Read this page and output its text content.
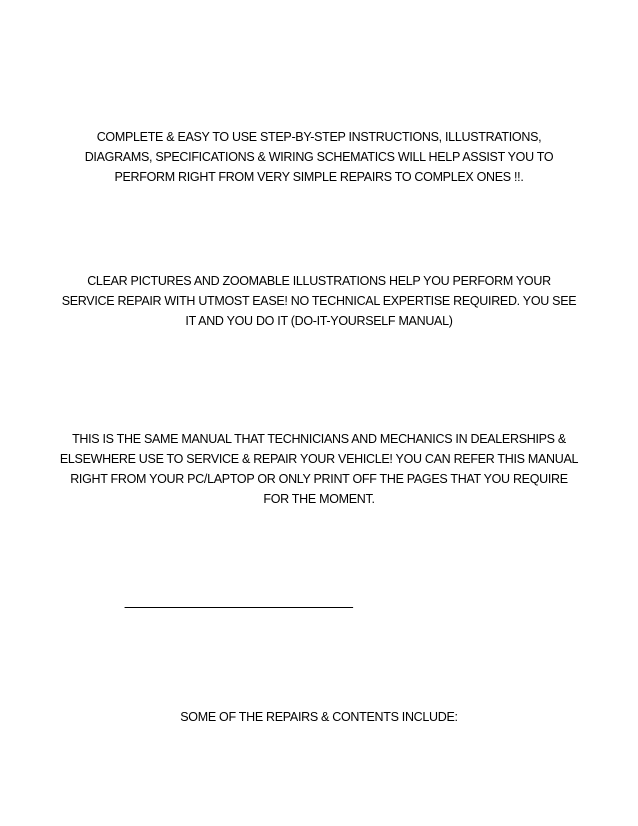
COMPLETE & EASY TO USE STEP-BY-STEP INSTRUCTIONS, ILLUSTRATIONS, DIAGRAMS, SPECIFICATIONS & WIRING SCHEMATICS WILL HELP ASSIST YOU TO PERFORM RIGHT FROM VERY SIMPLE REPAIRS TO COMPLEX ONES !!.

CLEAR PICTURES AND ZOOMABLE ILLUSTRATIONS HELP YOU PERFORM YOUR SERVICE REPAIR WITH UTMOST EASE! NO TECHNICAL EXPERTISE REQUIRED. YOU SEE IT AND YOU DO IT (DO-IT-YOURSELF MANUAL)

THIS IS THE SAME MANUAL THAT TECHNICIANS AND MECHANICS IN DEALERSHIPS & ELSEWHERE USE TO SERVICE & REPAIR YOUR VEHICLE! YOU CAN REFER THIS MANUAL RIGHT FROM YOUR PC/LAPTOP OR ONLY PRINT OFF THE PAGES THAT YOU REQUIRE FOR THE MOMENT.

-----------------------------------------------------------------------------------------

SOME OF THE REPAIRS & CONTENTS INCLUDE:
